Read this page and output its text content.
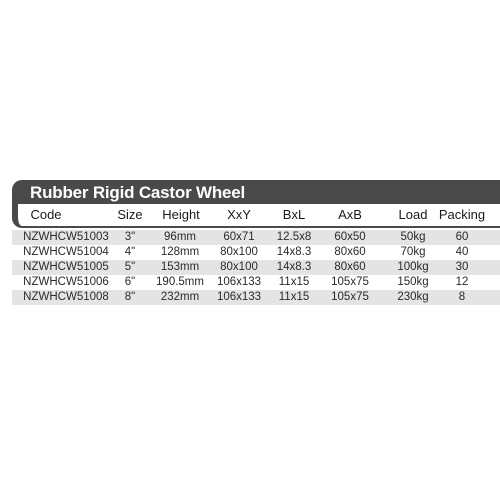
Rubber Rigid Castor Wheel
Code	Size Height XxY BxL	AxB	Load Packing
NZWHCW51003 3"	96mm 60x71 12.5x8 60x50	50kg	60
NZWHCW51004 4" 128mm 80x100 14x8.3 80x60	70kg	40
NZWHCW51005 5" 153mm 80x100 14x8.3 80x60	100kg 30
NZWHCW51006 6" 190.5mm 106x133 11x15 105x75 150kg 12
NZWHCW51008 8" 232mm 106x133 11x15 105x75 230kg	8
